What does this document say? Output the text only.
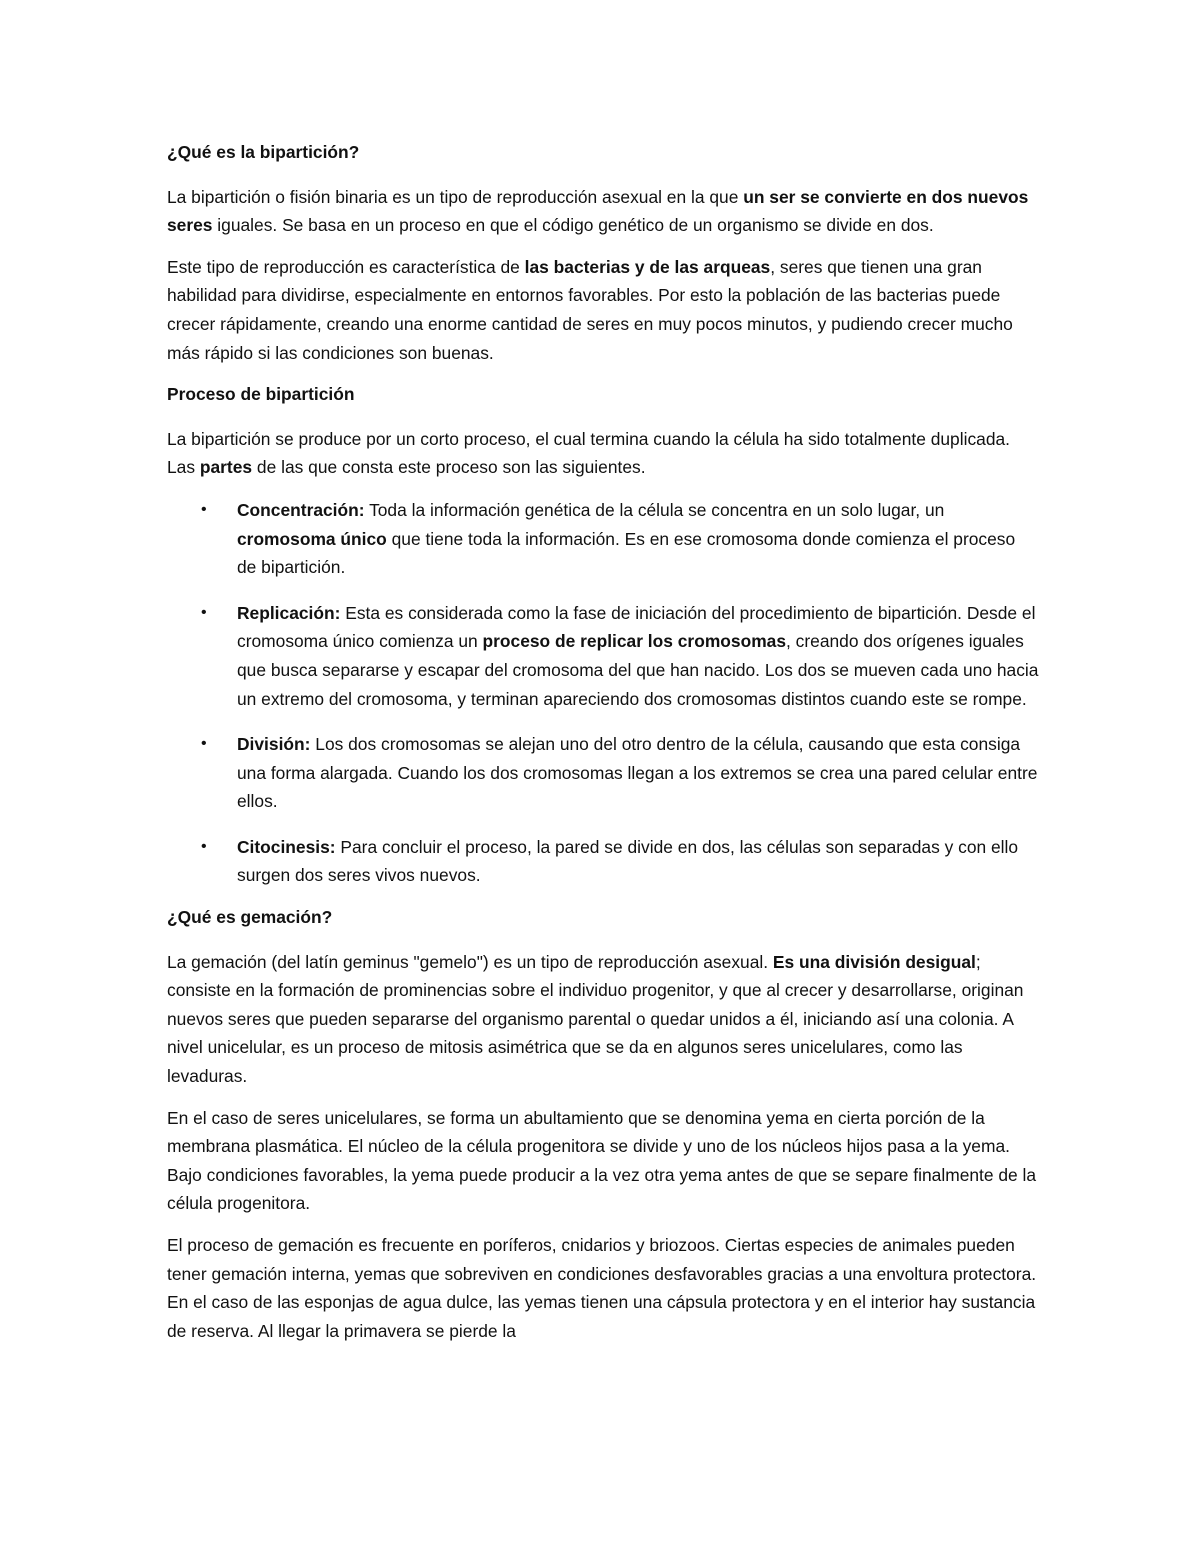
¿Qué es la bipartición?

La bipartición o fisión binaria es un tipo de reproducción asexual en la que un ser se convierte en dos nuevos seres iguales. Se basa en un proceso en que el código genético de un organismo se divide en dos.

Este tipo de reproducción es característica de las bacterias y de las arqueas, seres que tienen una gran habilidad para dividirse, especialmente en entornos favorables. Por esto la población de las bacterias puede crecer rápidamente, creando una enorme cantidad de seres en muy pocos minutos, y pudiendo crecer mucho más rápido si las condiciones son buenas.

Proceso de bipartición

La bipartición se produce por un corto proceso, el cual termina cuando la célula ha sido totalmente duplicada. Las partes de las que consta este proceso son las siguientes.

• Concentración: Toda la información genética de la célula se concentra en un solo lugar, un cromosoma único que tiene toda la información. Es en ese cromosoma donde comienza el proceso de bipartición.
• Replicación: Esta es considerada como la fase de iniciación del procedimiento de bipartición. Desde el cromosoma único comienza un proceso de replicar los cromosomas, creando dos orígenes iguales que busca separarse y escapar del cromosoma del que han nacido. Los dos se mueven cada uno hacia un extremo del cromosoma, y terminan apareciendo dos cromosomas distintos cuando este se rompe.
• División: Los dos cromosomas se alejan uno del otro dentro de la célula, causando que esta consiga una forma alargada. Cuando los dos cromosomas llegan a los extremos se crea una pared celular entre ellos.
• Citocinesis: Para concluir el proceso, la pared se divide en dos, las células son separadas y con ello surgen dos seres vivos nuevos.

¿Qué es gemación?

La gemación (del latín geminus "gemelo") es un tipo de reproducción asexual. Es una división desigual; consiste en la formación de prominencias sobre el individuo progenitor, y que al crecer y desarrollarse, originan nuevos seres que pueden separarse del organismo parental o quedar unidos a él, iniciando así una colonia. A nivel unicelular, es un proceso de mitosis asimétrica que se da en algunos seres unicelulares, como las levaduras.

En el caso de seres unicelulares, se forma un abultamiento que se denomina yema en cierta porción de la membrana plasmática. El núcleo de la célula progenitora se divide y uno de los núcleos hijos pasa a la yema. Bajo condiciones favorables, la yema puede producir a la vez otra yema antes de que se separe finalmente de la célula progenitora.

El proceso de gemación es frecuente en poríferos, cnidarios y briozoos. Ciertas especies de animales pueden tener gemación interna, yemas que sobreviven en condiciones desfavorables gracias a una envoltura protectora. En el caso de las esponjas de agua dulce, las yemas tienen una cápsula protectora y en el interior hay sustancia de reserva. Al llegar la primavera se pierde la
